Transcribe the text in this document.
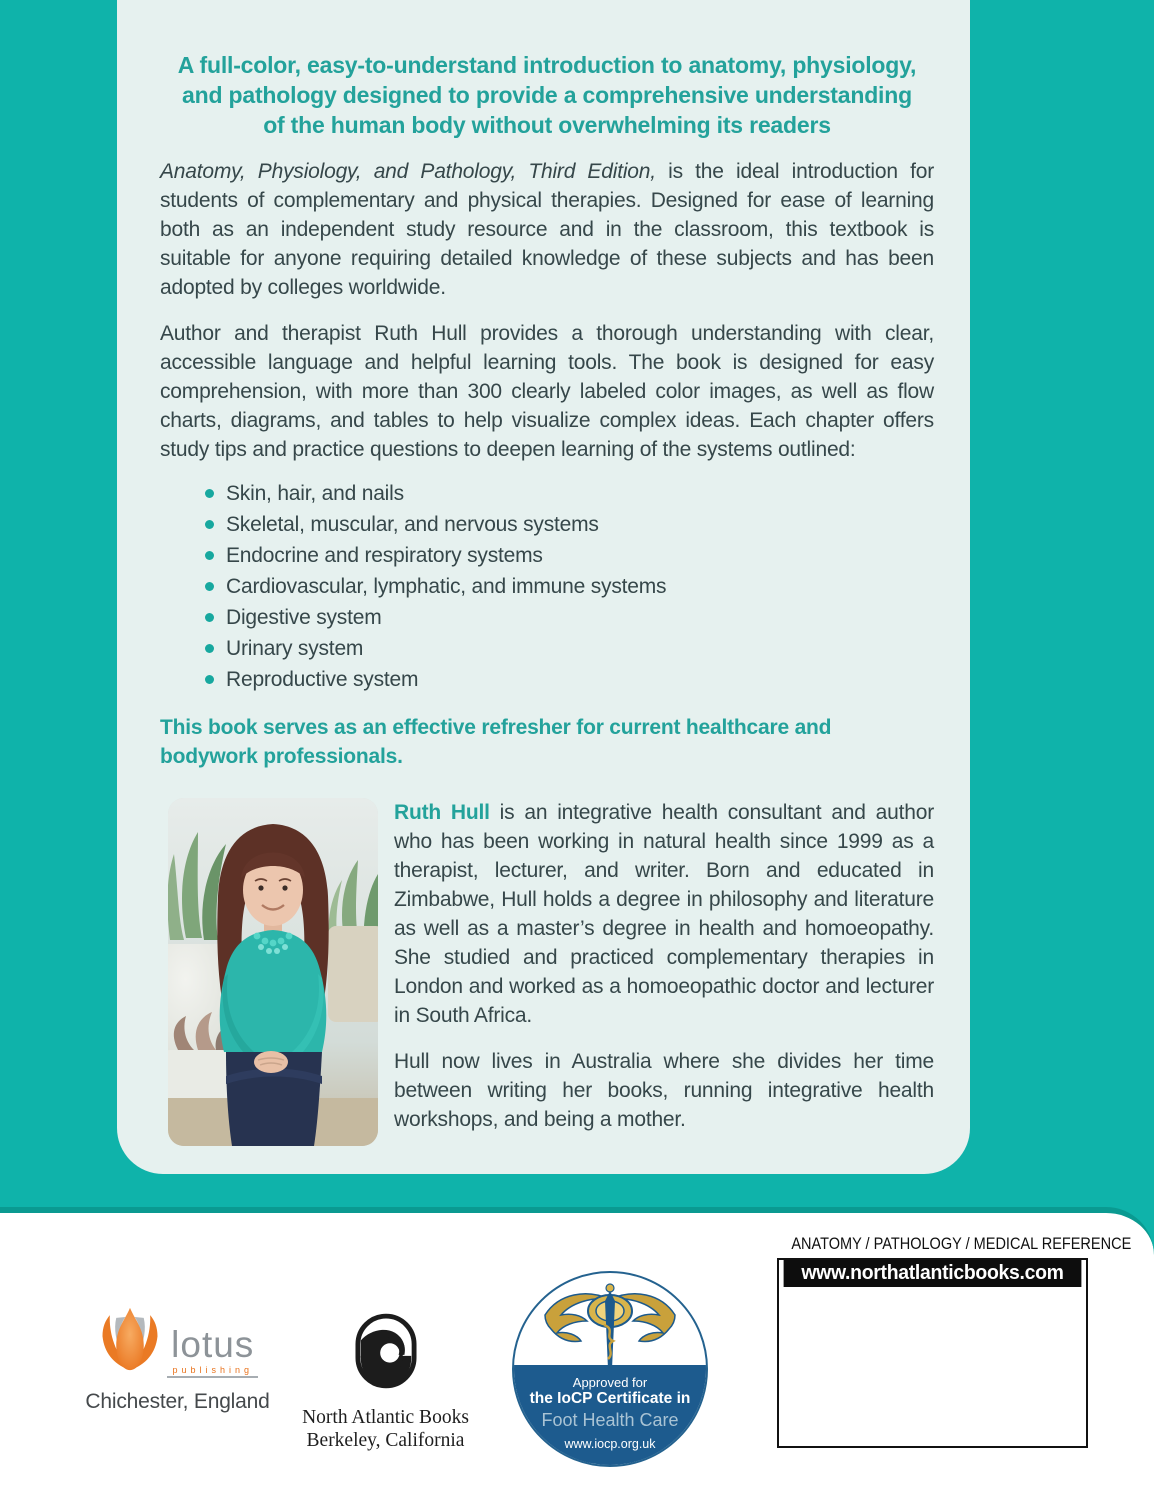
A full-color, easy-to-understand introduction to anatomy, physiology, and pathology designed to provide a comprehensive understanding of the human body without overwhelming its readers

Anatomy, Physiology, and Pathology, Third Edition, is the ideal introduction for students of complementary and physical therapies. Designed for ease of learning both as an independent study resource and in the classroom, this textbook is suitable for anyone requiring detailed knowledge of these subjects and has been adopted by colleges worldwide.

Author and therapist Ruth Hull provides a thorough understanding with clear, accessible language and helpful learning tools. The book is designed for easy comprehension, with more than 300 clearly labeled color images, as well as flow charts, diagrams, and tables to help visualize complex ideas. Each chapter offers study tips and practice questions to deepen learning of the systems outlined:

Skin, hair, and nails
Skeletal, muscular, and nervous systems
Endocrine and respiratory systems
Cardiovascular, lymphatic, and immune systems
Digestive system
Urinary system
Reproductive system

This book serves as an effective refresher for current healthcare and bodywork professionals.

Ruth Hull is an integrative health consultant and author who has been working in natural health since 1999 as a therapist, lecturer, and writer. Born and educated in Zimbabwe, Hull holds a degree in philosophy and literature as well as a master’s degree in health and homoeopathy. She studied and practiced complementary therapies in London and worked as a homoeopathic doctor and lecturer in South Africa.

Hull now lives in Australia where she divides her time between writing her books, running integrative health workshops, and being a mother.

lotus
publishing
Chichester, England
North Atlantic Books
Berkeley, California
Approved for
the IoCP Certificate in
Foot Health Care
www.iocp.org.uk
ANATOMY / PATHOLOGY / MEDICAL REFERENCE
www.northatlanticbooks.com
